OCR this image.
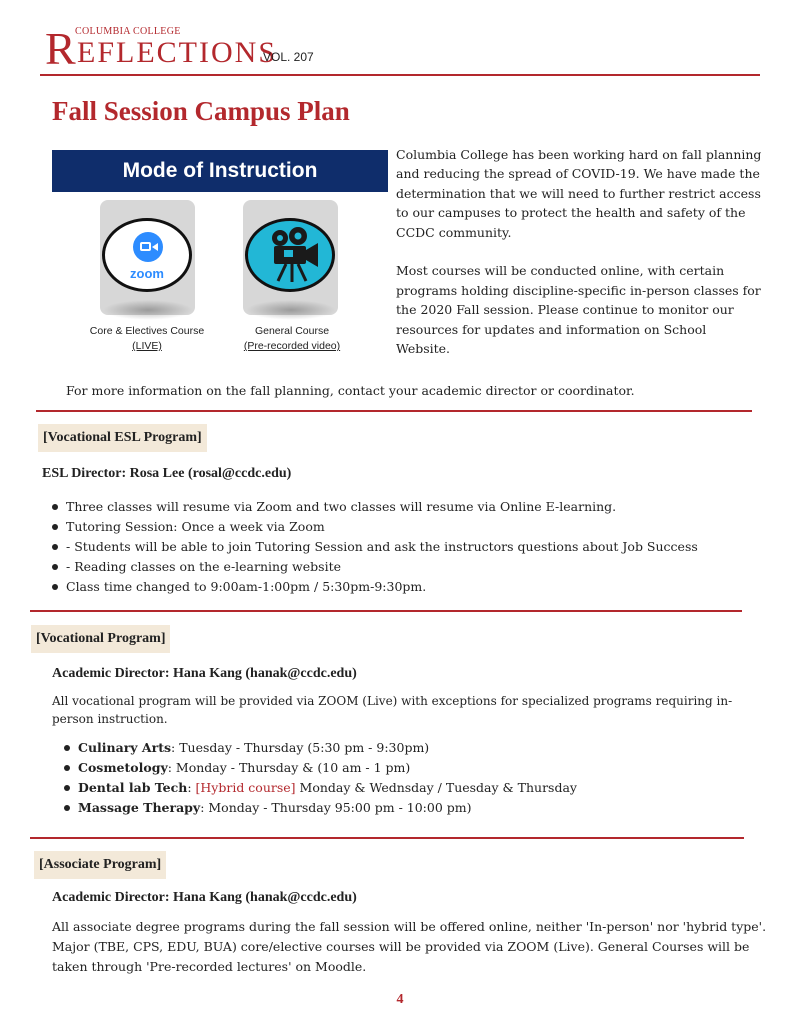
R COLUMBIA COLLEGE
EFLECTIONS
VOL. 207
Fall Session Campus Plan
Mode of Instruction
zoom
Core & Electives Course
(LIVE)
General Course
(Pre-recorded video)

Columbia College has been working hard on fall planning and reducing the spread of COVID-19. We have made the determination that we will need to further restrict access to our campuses to protect the health and safety of the CCDC community.

Most courses will be conducted online, with certain programs holding discipline-specific in-person classes for the 2020 Fall session. Please continue to monitor our resources for updates and information on School Website.

For more information on the fall planning, contact your academic director or coordinator.
[Vocational ESL Program]
ESL Director: Rosa Lee (rosal@ccdc.edu)
Three classes will resume via Zoom and two classes will resume via Online E-learning.
Tutoring Session: Once a week via Zoom
- Students will be able to join Tutoring Session and ask the instructors questions about Job Success
- Reading classes on the e-learning website
Class time changed to 9:00am-1:00pm / 5:30pm-9:30pm.
[Vocational Program]
Academic Director: Hana Kang (hanak@ccdc.edu)
All vocational program will be provided via ZOOM (Live) with exceptions for specialized programs requiring in-person instruction.
Culinary Arts: Tuesday - Thursday (5:30 pm - 9:30pm)
Cosmetology: Monday - Thursday & (10 am - 1 pm)
Dental lab Tech: [Hybrid course] Monday & Wednsday / Tuesday & Thursday
Massage Therapy: Monday - Thursday 95:00 pm - 10:00 pm)
[Associate Program]
Academic Director: Hana Kang (hanak@ccdc.edu)
All associate degree programs during the fall session will be offered online, neither 'In-person' nor 'hybrid type'. Major (TBE, CPS, EDU, BUA) core/elective courses will be provided via ZOOM (Live). General Courses will be taken through 'Pre-recorded lectures' on Moodle.
4
